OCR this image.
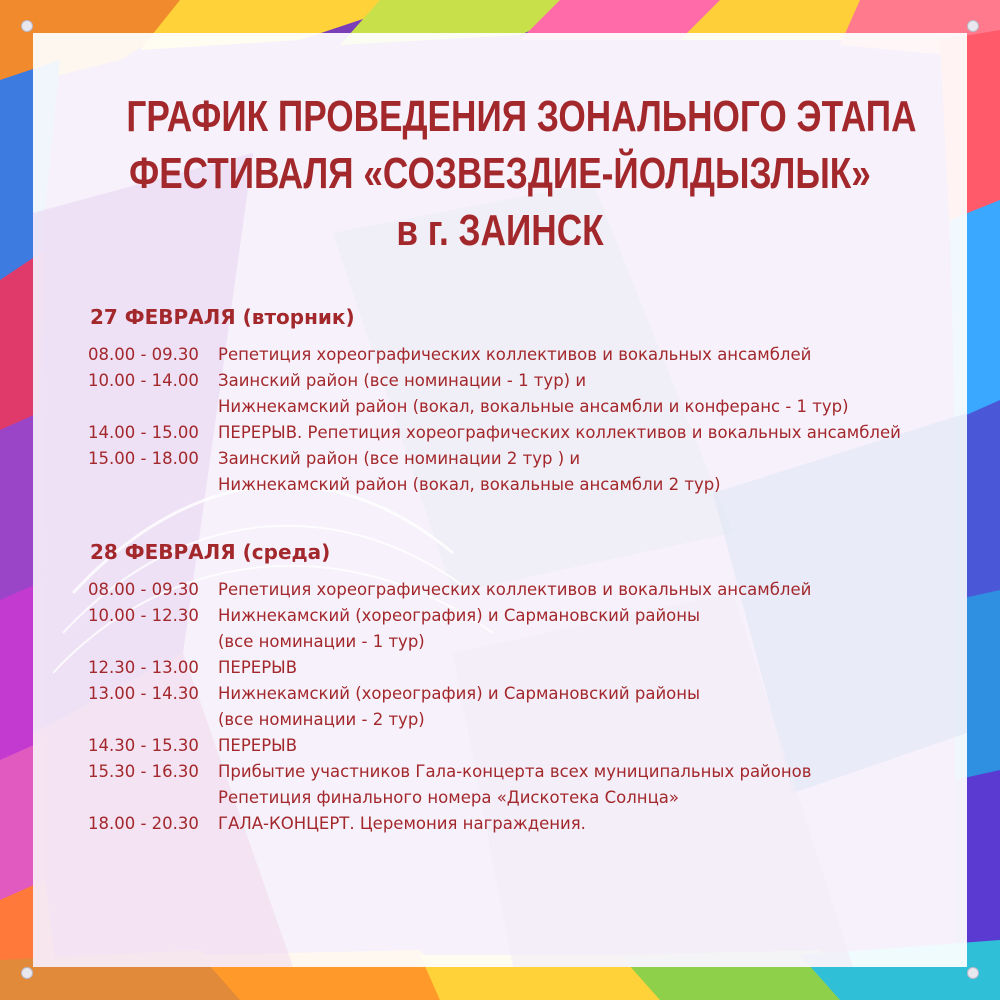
ГРАФИК ПРОВЕДЕНИЯ ЗОНАЛЬНОГО ЭТАПА
ФЕСТИВАЛЯ «СОЗВЕЗДИЕ-ЙОЛДЫЗЛЫК»
в г. ЗАИНСК
27 ФЕВРАЛЯ (вторник)
08.00 - 09.30	Репетиция хореографических коллективов и вокальных ансамблей
10.00 - 14.00	Заинский район (все номинации - 1 тур) и
Нижнекамский район (вокал, вокальные ансамбли и конферанс - 1 тур)
14.00 - 15.00	ПЕРЕРЫВ. Репетиция хореографических коллективов и вокальных ансамблей
15.00 - 18.00	Заинский район (все номинации 2 тур ) и
Нижнекамский район (вокал, вокальные ансамбли 2 тур)
28 ФЕВРАЛЯ (среда)
08.00 - 09.30	Репетиция хореографических коллективов и вокальных ансамблей
10.00 - 12.30	Нижнекамский (хореография) и Сармановский районы
(все номинации - 1 тур)
12.30 - 13.00	ПЕРЕРЫВ
13.00 - 14.30	Нижнекамский (хореография) и Сармановский районы
(все номинации - 2 тур)
14.30 - 15.30	ПЕРЕРЫВ
15.30 - 16.30	Прибытие участников Гала-концерта всех муниципальных районов
Репетиция финального номера «Дискотека Солнца»
18.00 - 20.30	ГАЛА-КОНЦЕРТ. Церемония награждения.
